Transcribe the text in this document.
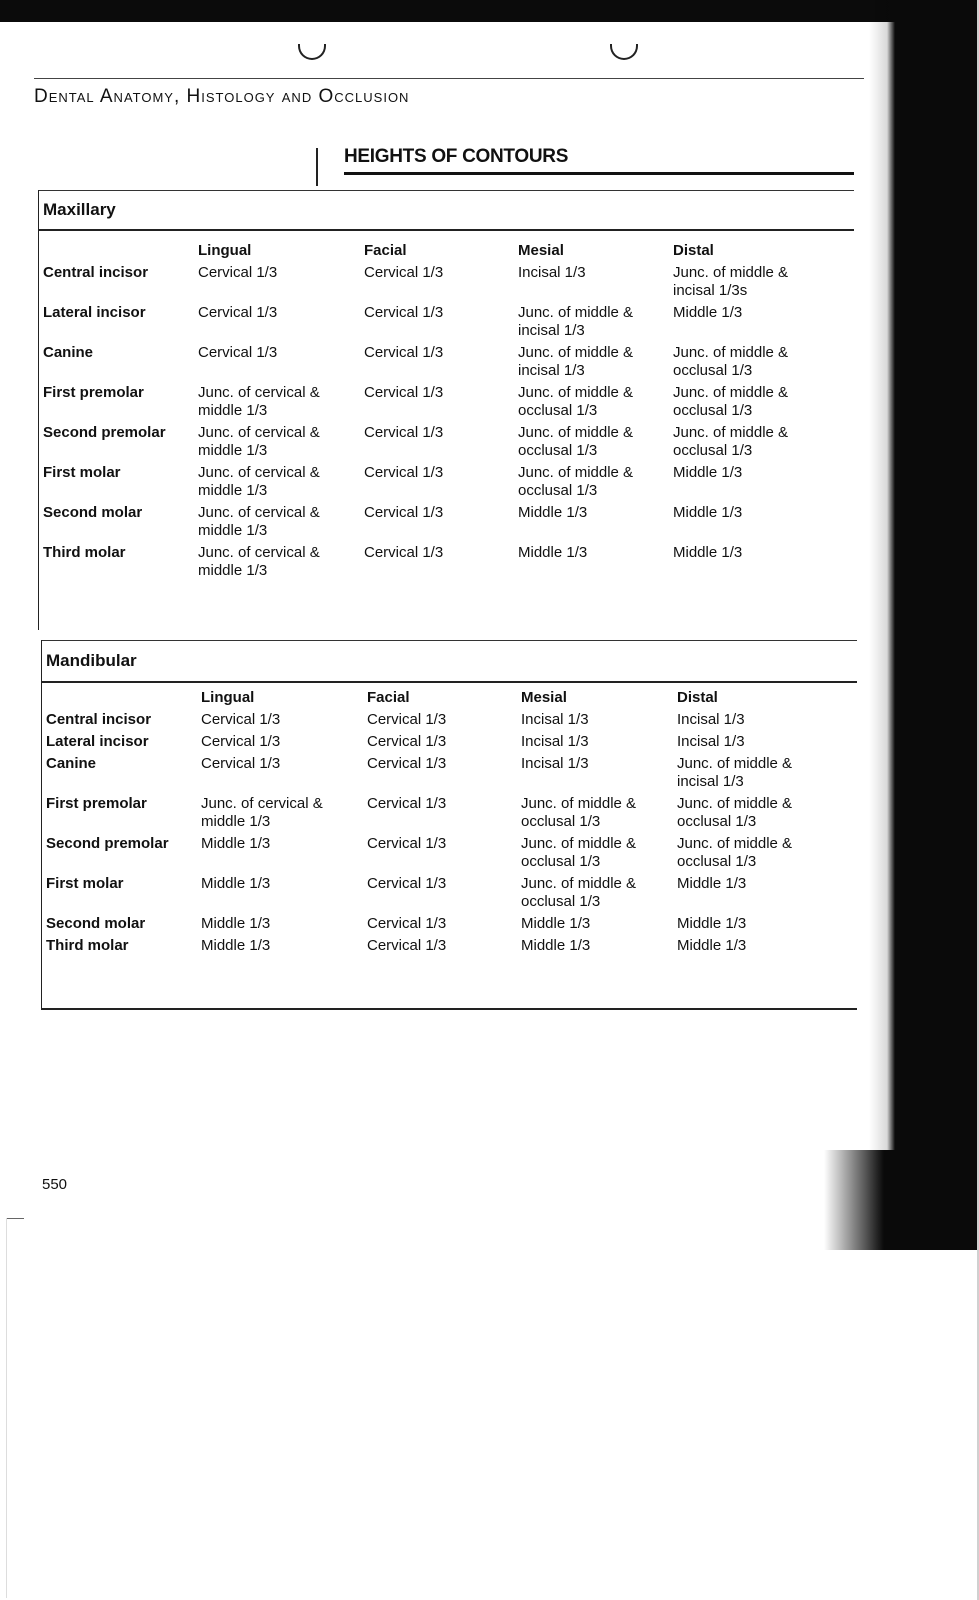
Dental Anatomy, Histology and Occlusion
HEIGHTS OF CONTOURS
Maxillary
	Lingual	Facial	Mesial	Distal
Central incisor	Cervical 1/3	Cervical 1/3	Incisal 1/3	Junc. of middle & incisal 1/3s
Lateral incisor	Cervical 1/3	Cervical 1/3	Junc. of middle & incisal 1/3	Middle 1/3
Canine	Cervical 1/3	Cervical 1/3	Junc. of middle & incisal 1/3	Junc. of middle & occlusal 1/3
First premolar	Junc. of cervical & middle 1/3	Cervical 1/3	Junc. of middle & occlusal 1/3	Junc. of middle & occlusal 1/3
Second premolar	Junc. of cervical & middle 1/3	Cervical 1/3	Junc. of middle & occlusal 1/3	Junc. of middle & occlusal 1/3
First molar	Junc. of cervical & middle 1/3	Cervical 1/3	Junc. of middle & occlusal 1/3	Middle 1/3
Second molar	Junc. of cervical & middle 1/3	Cervical 1/3	Middle 1/3	Middle 1/3
Third molar	Junc. of cervical & middle 1/3	Cervical 1/3	Middle 1/3	Middle 1/3
Mandibular
	Lingual	Facial	Mesial	Distal
Central incisor	Cervical 1/3	Cervical 1/3	Incisal 1/3	Incisal 1/3
Lateral incisor	Cervical 1/3	Cervical 1/3	Incisal 1/3	Incisal 1/3
Canine	Cervical 1/3	Cervical 1/3	Incisal 1/3	Junc. of middle & incisal 1/3
First premolar	Junc. of cervical & middle 1/3	Cervical 1/3	Junc. of middle & occlusal 1/3	Junc. of middle & occlusal 1/3
Second premolar	Middle 1/3	Cervical 1/3	Junc. of middle & occlusal 1/3	Junc. of middle & occlusal 1/3
First molar	Middle 1/3	Cervical 1/3	Junc. of middle & occlusal 1/3	Middle 1/3
Second molar	Middle 1/3	Cervical 1/3	Middle 1/3	Middle 1/3
Third molar	Middle 1/3	Cervical 1/3	Middle 1/3	Middle 1/3
550
